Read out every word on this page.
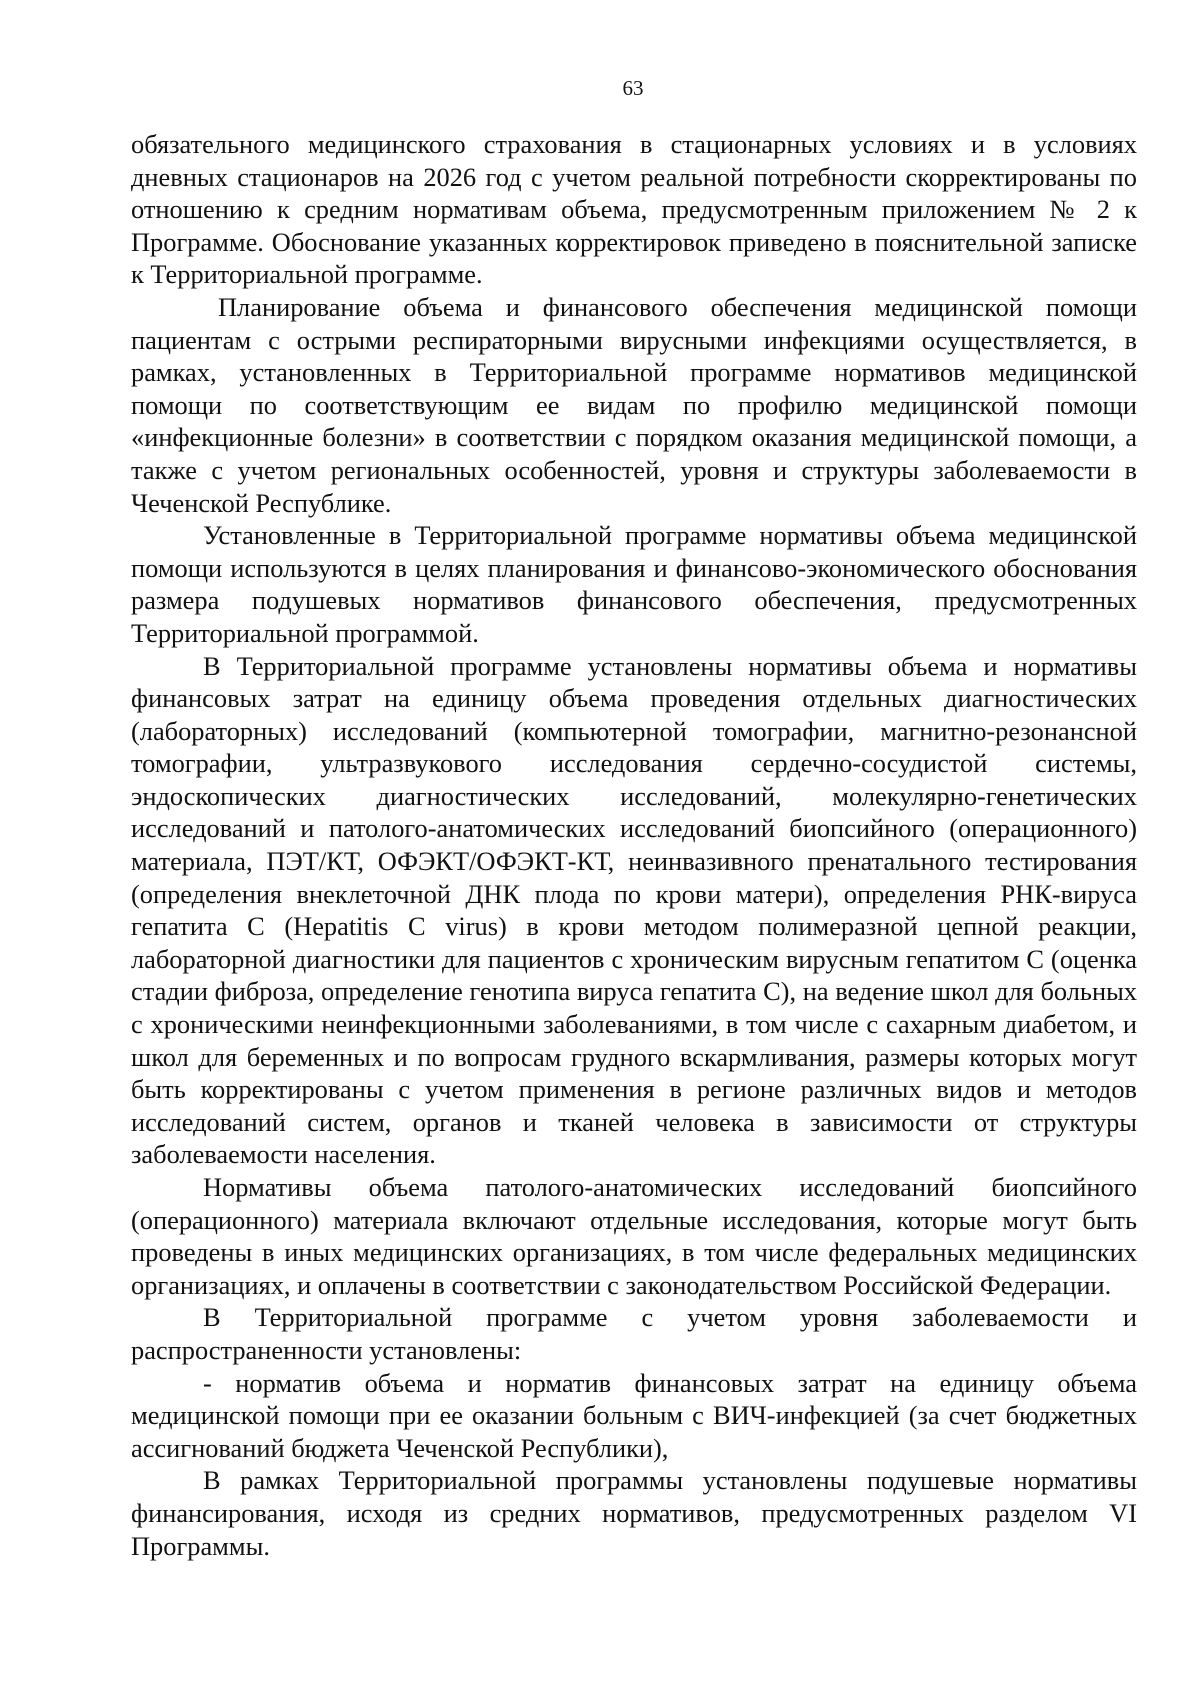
63

обязательного медицинского страхования в стационарных условиях и в условиях дневных стационаров на 2026 год с учетом реальной потребности скорректированы по отношению к средним нормативам объема, предусмотренным приложением № 2 к Программе. Обоснование указанных корректировок приведено в пояснительной записке к Территориальной программе.

Планирование объема и финансового обеспечения медицинской помощи пациентам с острыми респираторными вирусными инфекциями осуществляется, в рамках, установленных в Территориальной программе нормативов медицинской помощи по соответствующим ее видам по профилю медицинской помощи «инфекционные болезни» в соответствии с порядком оказания медицинской помощи, а также с учетом региональных особенностей, уровня и структуры заболеваемости в Чеченской Республике.

Установленные в Территориальной программе нормативы объема медицинской помощи используются в целях планирования и финансово-экономического обоснования размера подушевых нормативов финансового обеспечения, предусмотренных Территориальной программой.

В Территориальной программе установлены нормативы объема и нормативы финансовых затрат на единицу объема проведения отдельных диагностических (лабораторных) исследований (компьютерной томографии, магнитно-резонансной томографии, ультразвукового исследования сердечно-сосудистой системы, эндоскопических диагностических исследований, молекулярно-генетических исследований и патолого-анатомических исследований биопсийного (операционного) материала, ПЭТ/КТ, ОФЭКТ/ОФЭКТ-КТ, неинвазивного пренатального тестирования (определения внеклеточной ДНК плода по крови матери), определения РНК-вируса гепатита C (Hepatitis C virus) в крови методом полимеразной цепной реакции, лабораторной диагностики для пациентов с хроническим вирусным гепатитом C (оценка стадии фиброза, определение генотипа вируса гепатита C), на ведение школ для больных с хроническими неинфекционными заболеваниями, в том числе с сахарным диабетом, и школ для беременных и по вопросам грудного вскармливания, размеры которых могут быть корректированы с учетом применения в регионе различных видов и методов исследований систем, органов и тканей человека в зависимости от структуры заболеваемости населения.

Нормативы объема патолого-анатомических исследований биопсийного (операционного) материала включают отдельные исследования, которые могут быть проведены в иных медицинских организациях, в том числе федеральных медицинских организациях, и оплачены в соответствии с законодательством Российской Федерации.

В Территориальной программе с учетом уровня заболеваемости и распространенности установлены:

- норматив объема и норматив финансовых затрат на единицу объема медицинской помощи при ее оказании больным с ВИЧ-инфекцией (за счет бюджетных ассигнований бюджета Чеченской Республики),

В рамках Территориальной программы установлены подушевые нормативы финансирования, исходя из средних нормативов, предусмотренных разделом VI Программы.
